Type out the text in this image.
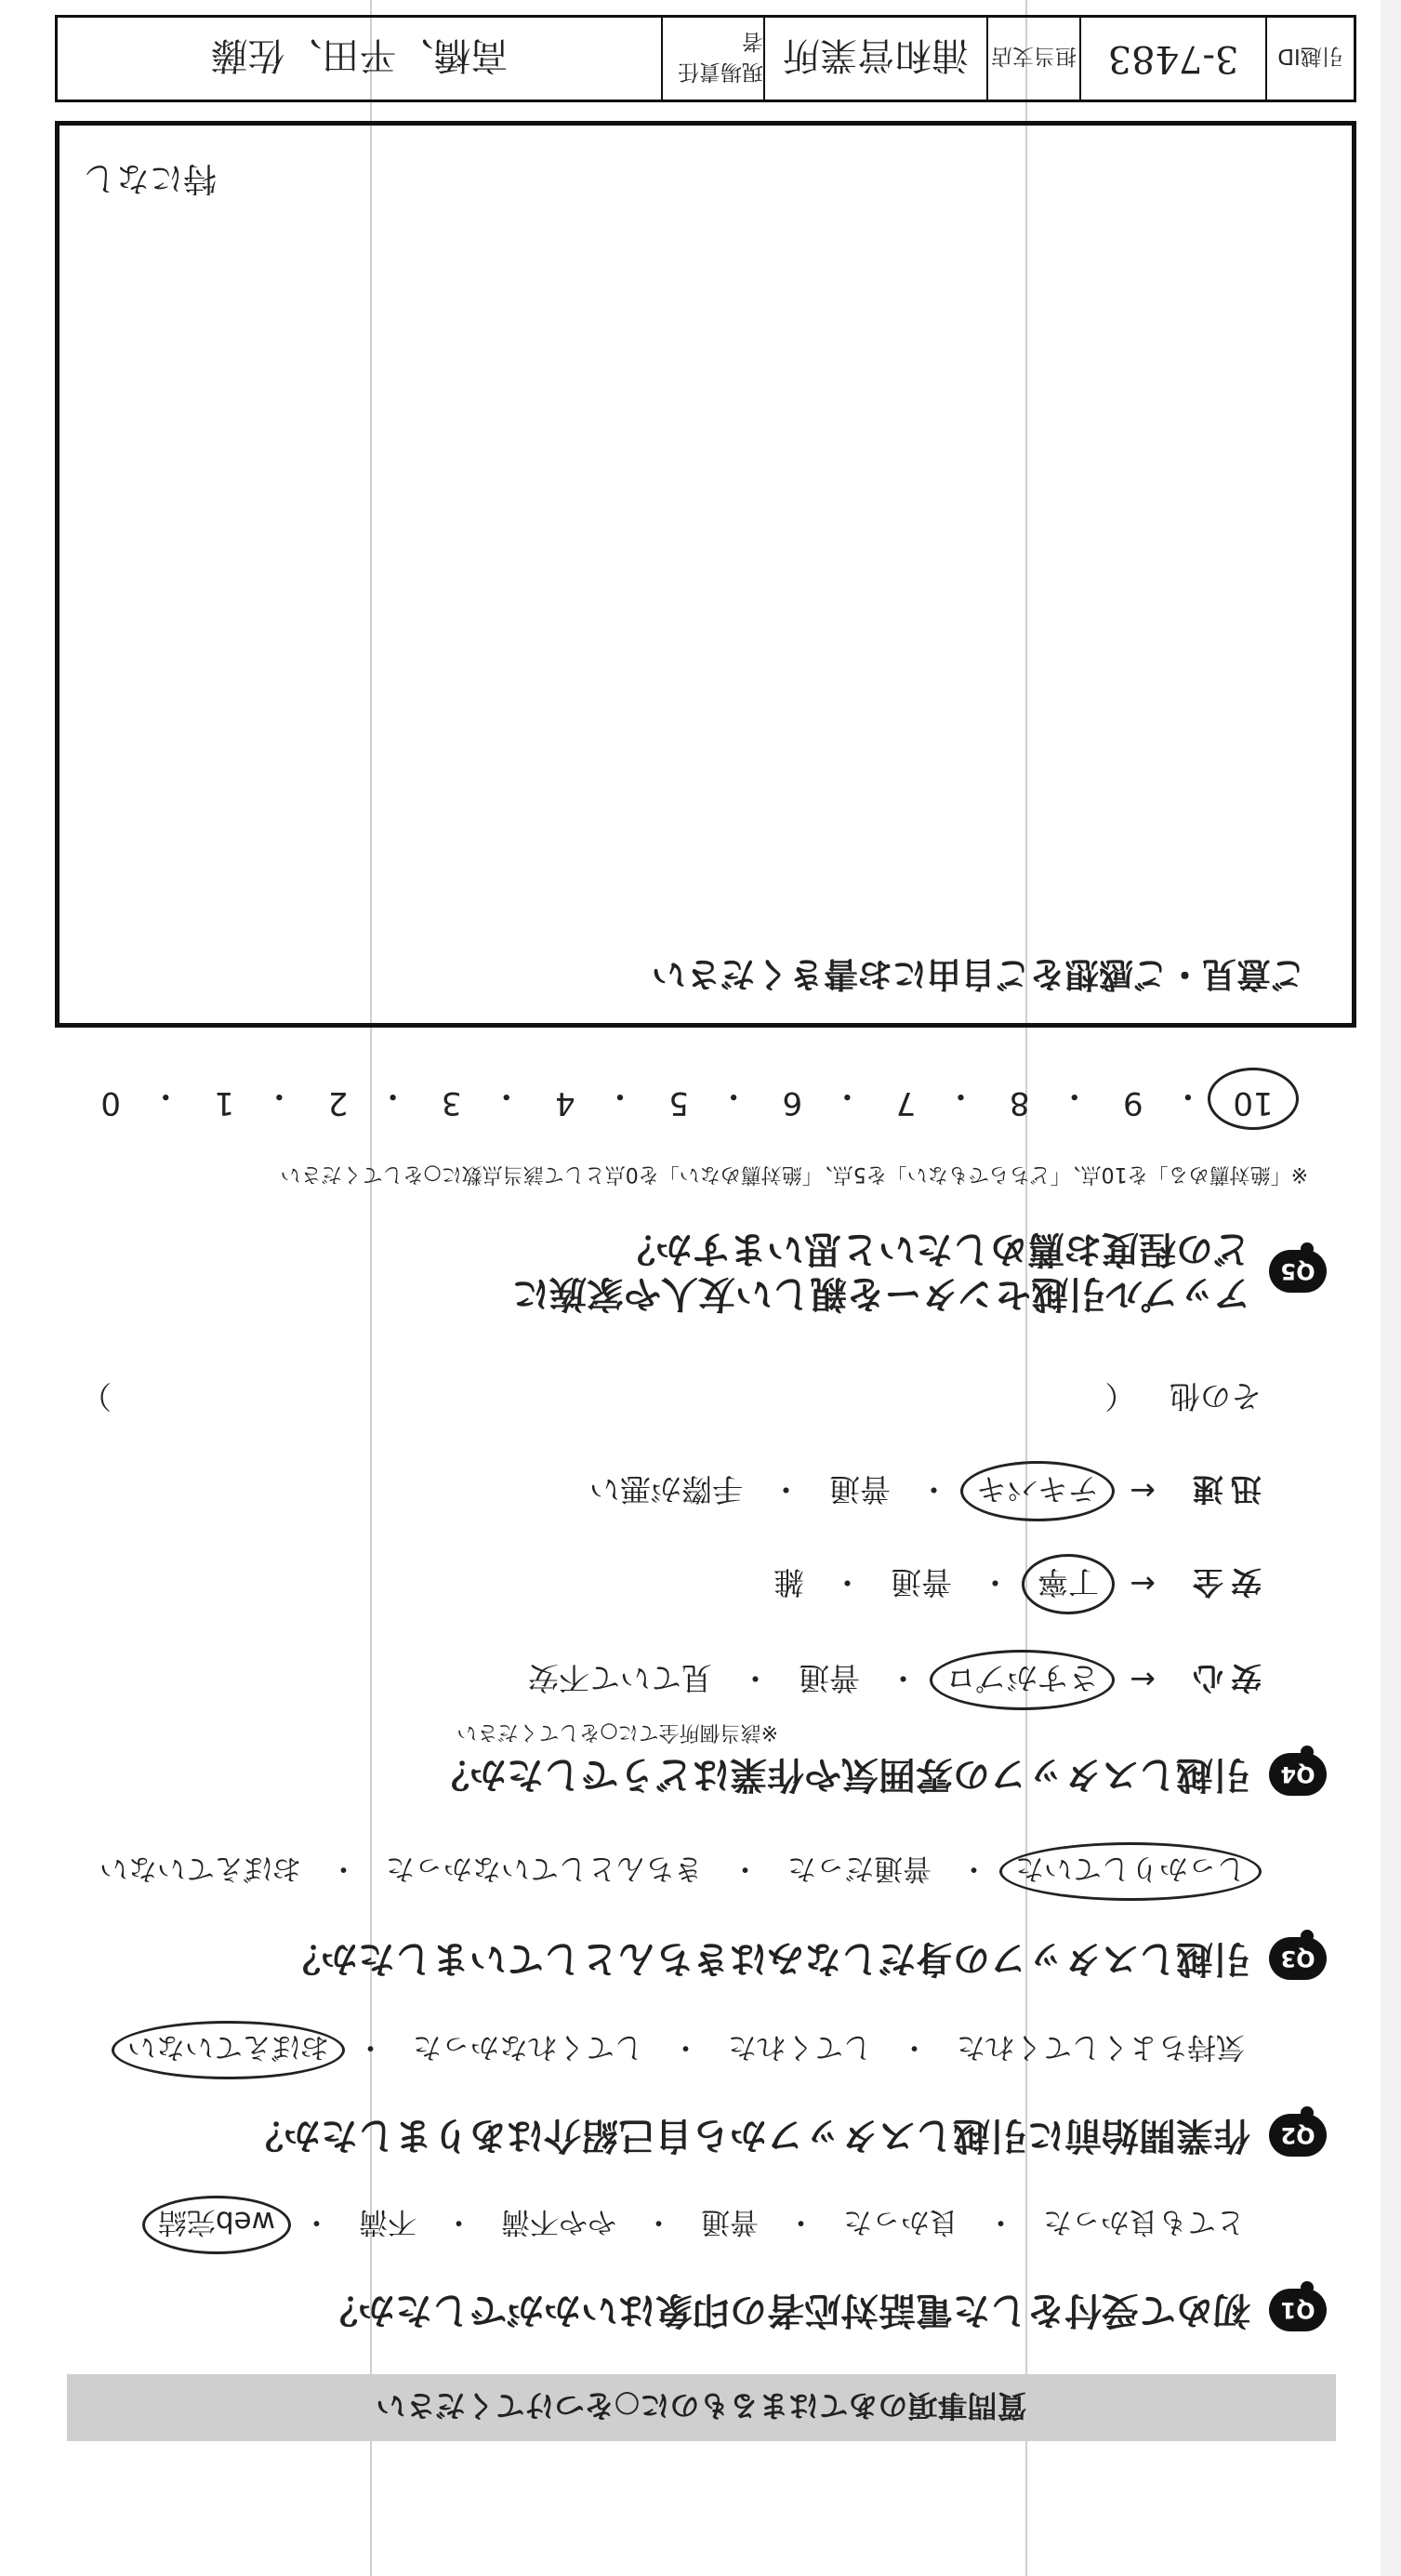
質問事項のあてはまるものに○をつけてください
Q1
初めて受付をした電話対応者の印象はいかがでしたか？
とても良かった
・
良かった
・
普通
・
やや不満
・
不満
・
web完結
Q2
作業開始前に引越しスタッフから自己紹介はありましたか？
気持ちよくしてくれた
・
してくれた
・
してくれなかった
・
おぼえていない
Q3
引越しスタッフの身だしなみはきちんとしていましたか？
しっかりしていた
・
普通だった
・
きちんとしていなかった
・
おぼえていない
Q4
引越しスタッフの雰囲気や作業はどうでしたか？
※該当個所全てに○をしてください
安心
←
さすがプロ
・
普通
・
見ていて不安
安全
←
丁寧
・
普通
・
雑
迅速
←
テキパキ
・
普通
・
手際が悪い
その他 （
）
Q5
アップル引越センターを親しい友人や家族に
どの程度お薦めしたいと思いますか？
※「絶対薦める」を10点、「どちらでもない」を5点、「絶対薦めない」を0点として該当点数に○をしてください
10
・
9
・
8
・
7
・
6
・
5
・
4
・
3
・
2
・
1
・
0
ご意見・ご感想をご自由にお書きください
特になし
引越ID
3-7483
担当支店
浦和営業所
現場責任者
高橋、平田、佐藤
